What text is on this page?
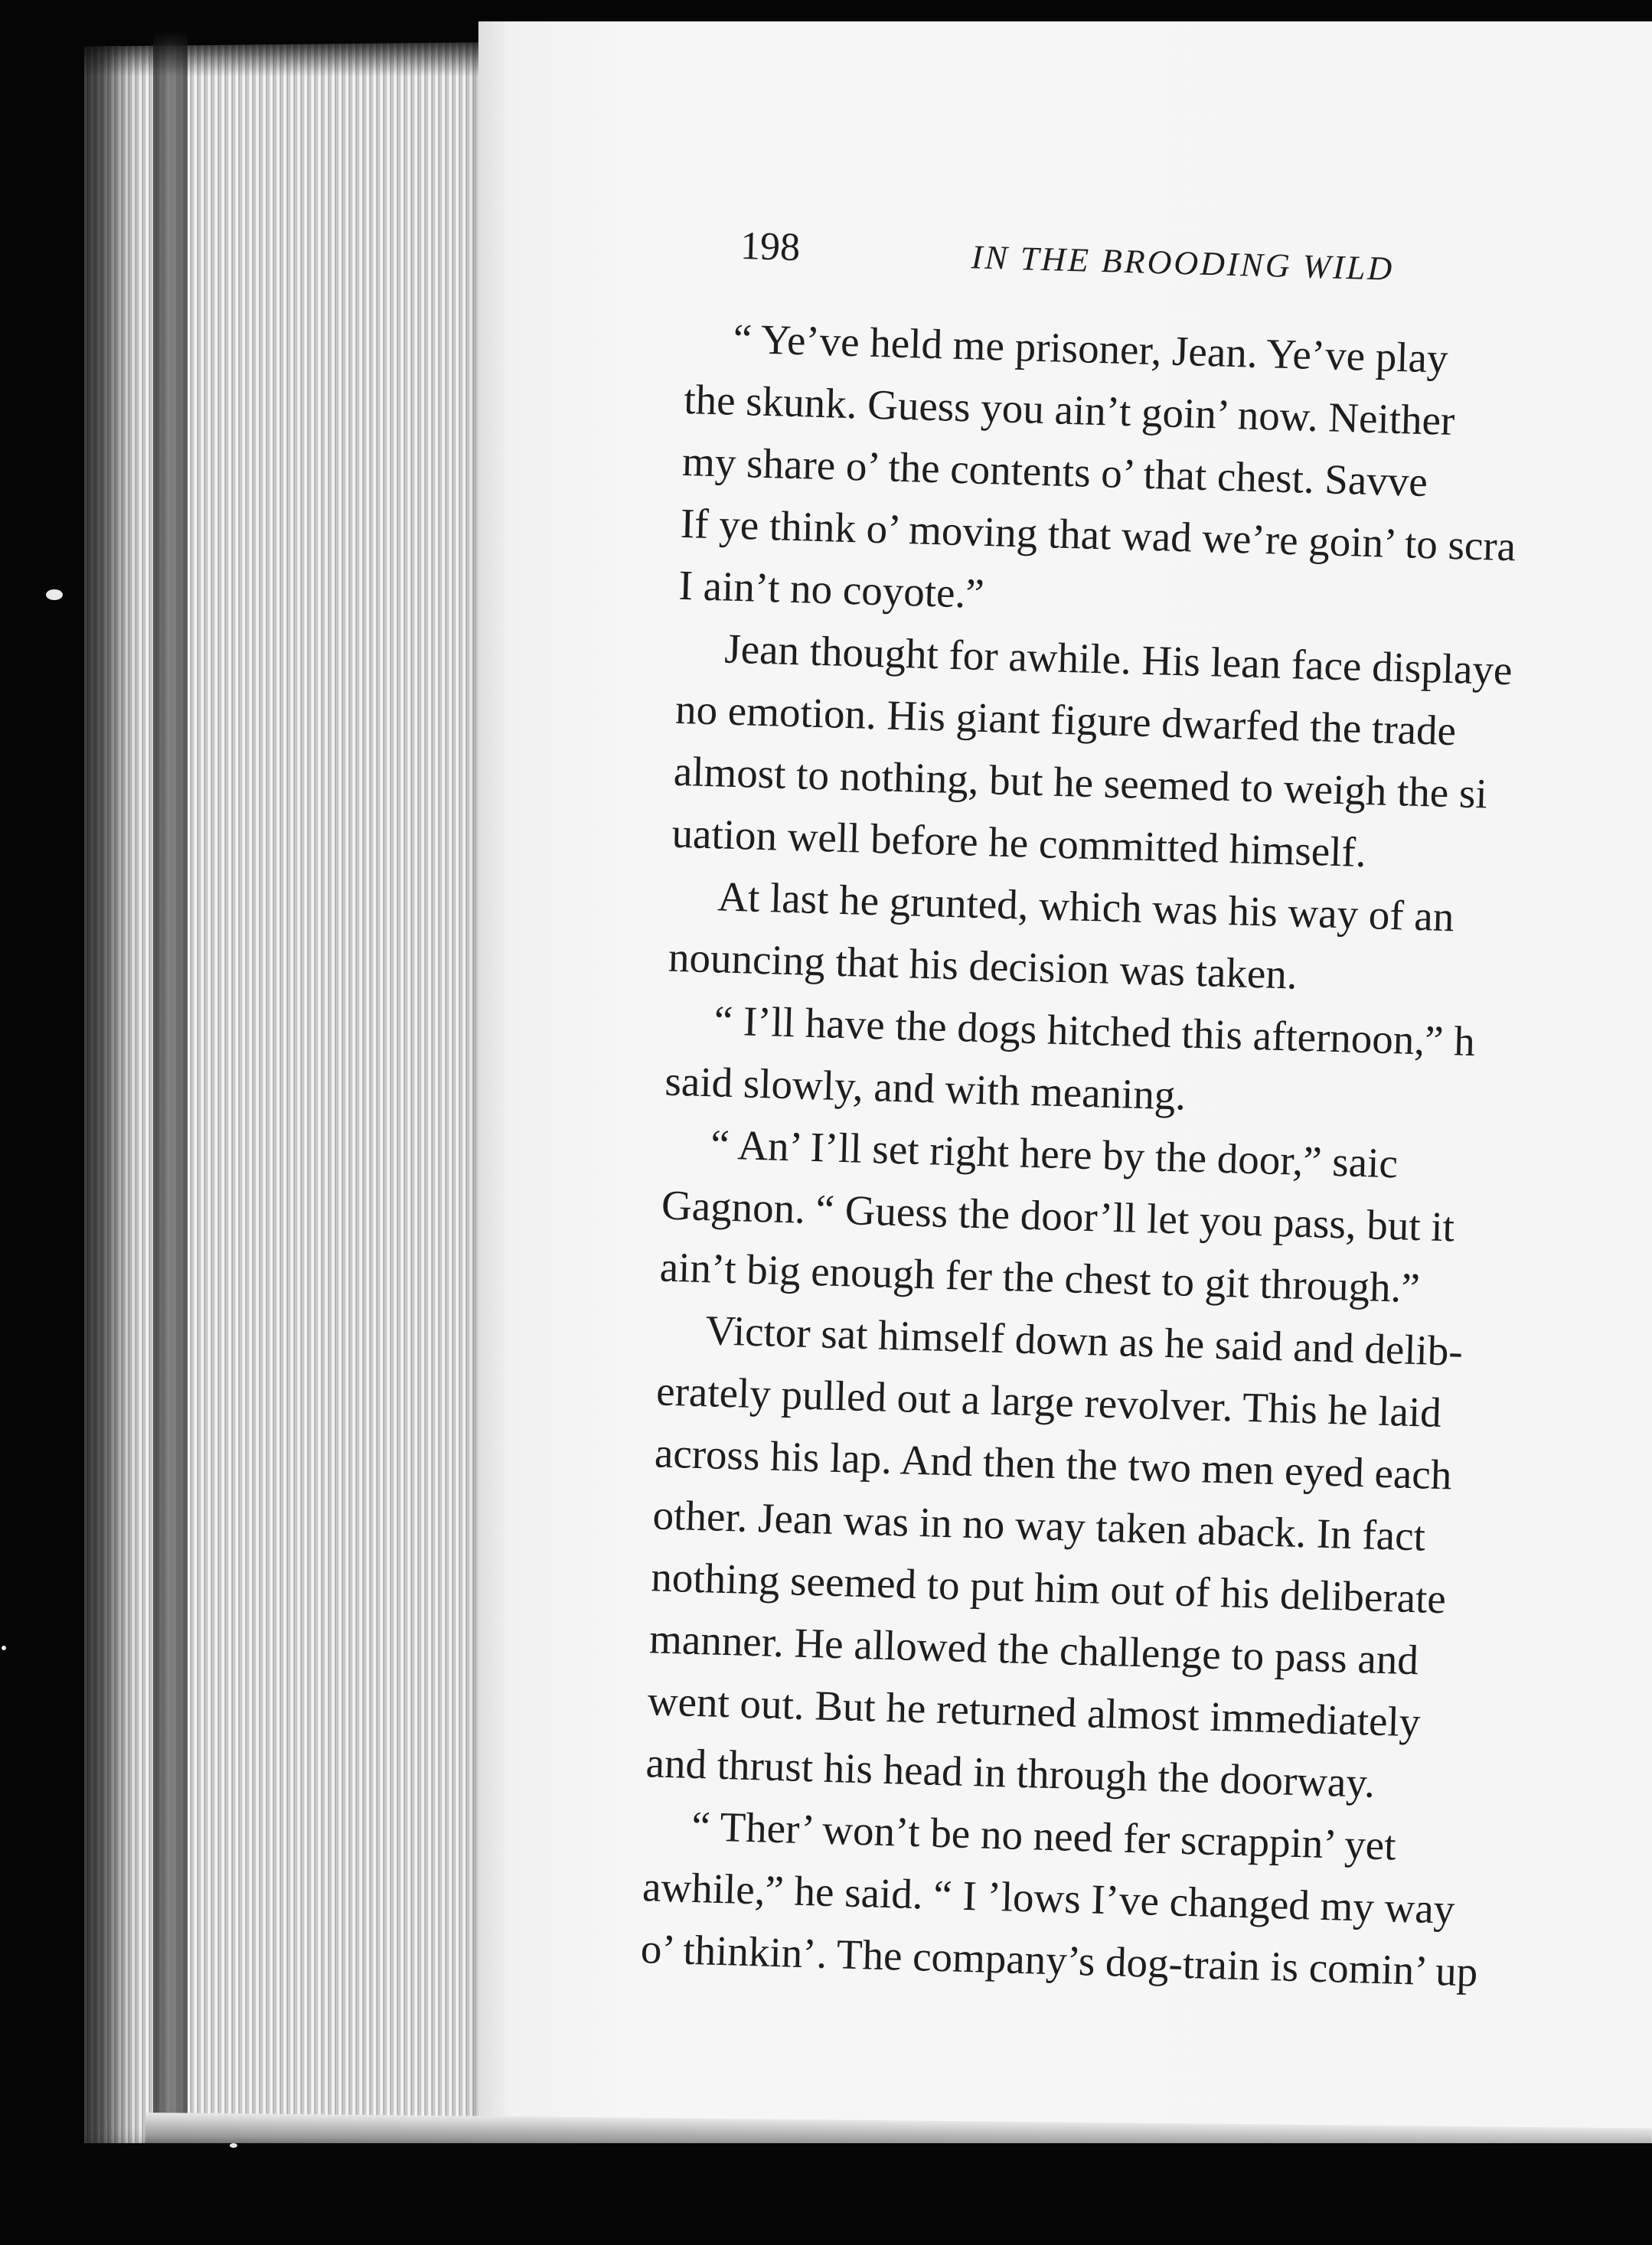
198	IN THE BROODING WILD
“ Ye’ve held me prisoner, Jean. Ye’ve play
the skunk. Guess you ain’t goin’ now. Neither
my share o’ the contents o’ that chest. Savve
If ye think o’ moving that wad we’re goin’ to scra
I ain’t no coyote.”
Jean thought for awhile. His lean face displaye
no emotion. His giant figure dwarfed the trade
almost to nothing, but he seemed to weigh the si
uation well before he committed himself.
At last he grunted, which was his way of an
nouncing that his decision was taken.
“ I’ll have the dogs hitched this afternoon,” h
said slowly, and with meaning.
“ An’ I’ll set right here by the door,” saic
Gagnon. “ Guess the door’ll let you pass, but it
ain’t big enough fer the chest to git through.”
Victor sat himself down as he said and delib-
erately pulled out a large revolver. This he laid
across his lap. And then the two men eyed each
other. Jean was in no way taken aback. In fact
nothing seemed to put him out of his deliberate
manner. He allowed the challenge to pass and
went out. But he returned almost immediately
and thrust his head in through the doorway.
“ Ther’ won’t be no need fer scrappin’ yet
awhile,” he said. “ I ’lows I’ve changed my way
o’ thinkin’. The company’s dog-train is comin’ up
